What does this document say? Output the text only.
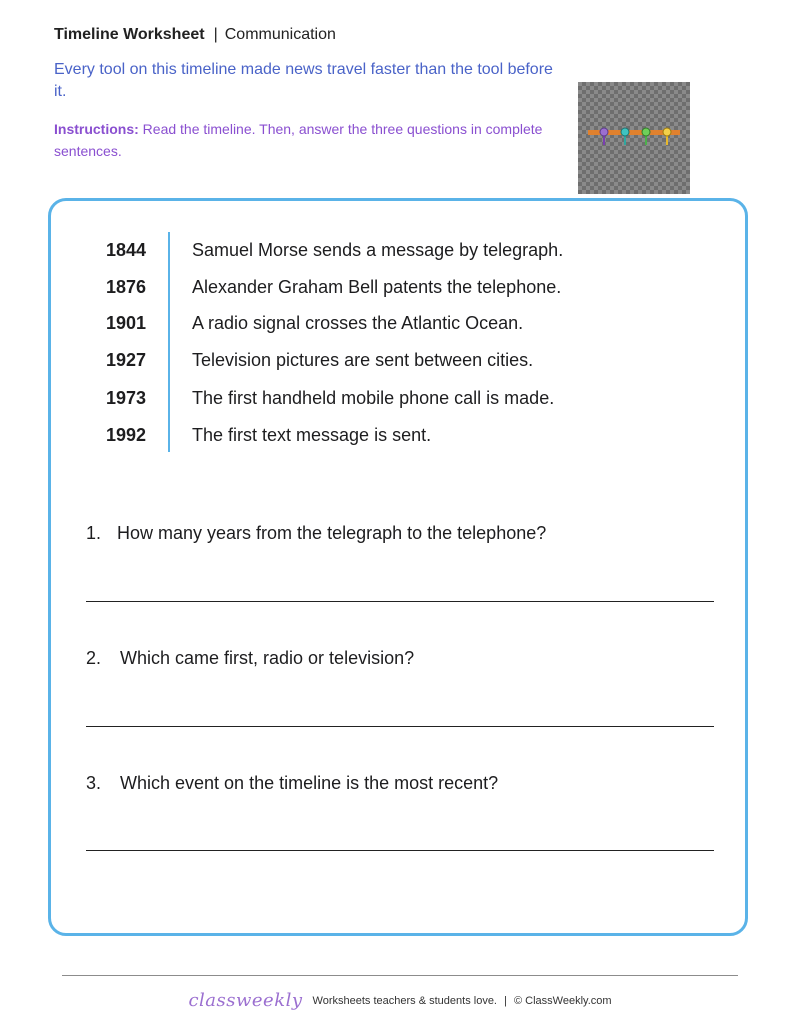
Timeline Worksheet | Communication
Every tool on this timeline made news travel faster than the tool before it.
Instructions: Read the timeline. Then, answer the three questions in complete sentences.
1844	Samuel Morse sends a message by telegraph.
1876	Alexander Graham Bell patents the telephone.
1901	A radio signal crosses the Atlantic Ocean.
1927	Television pictures are sent between cities.
1973	The first handheld mobile phone call is made.
1992	The first text message is sent.
1. How many years from the telegraph to the telephone?
2. Which came first, radio or television?
3. Which event on the timeline is the most recent?
classweekly Worksheets teachers & students love. | © ClassWeekly.com
